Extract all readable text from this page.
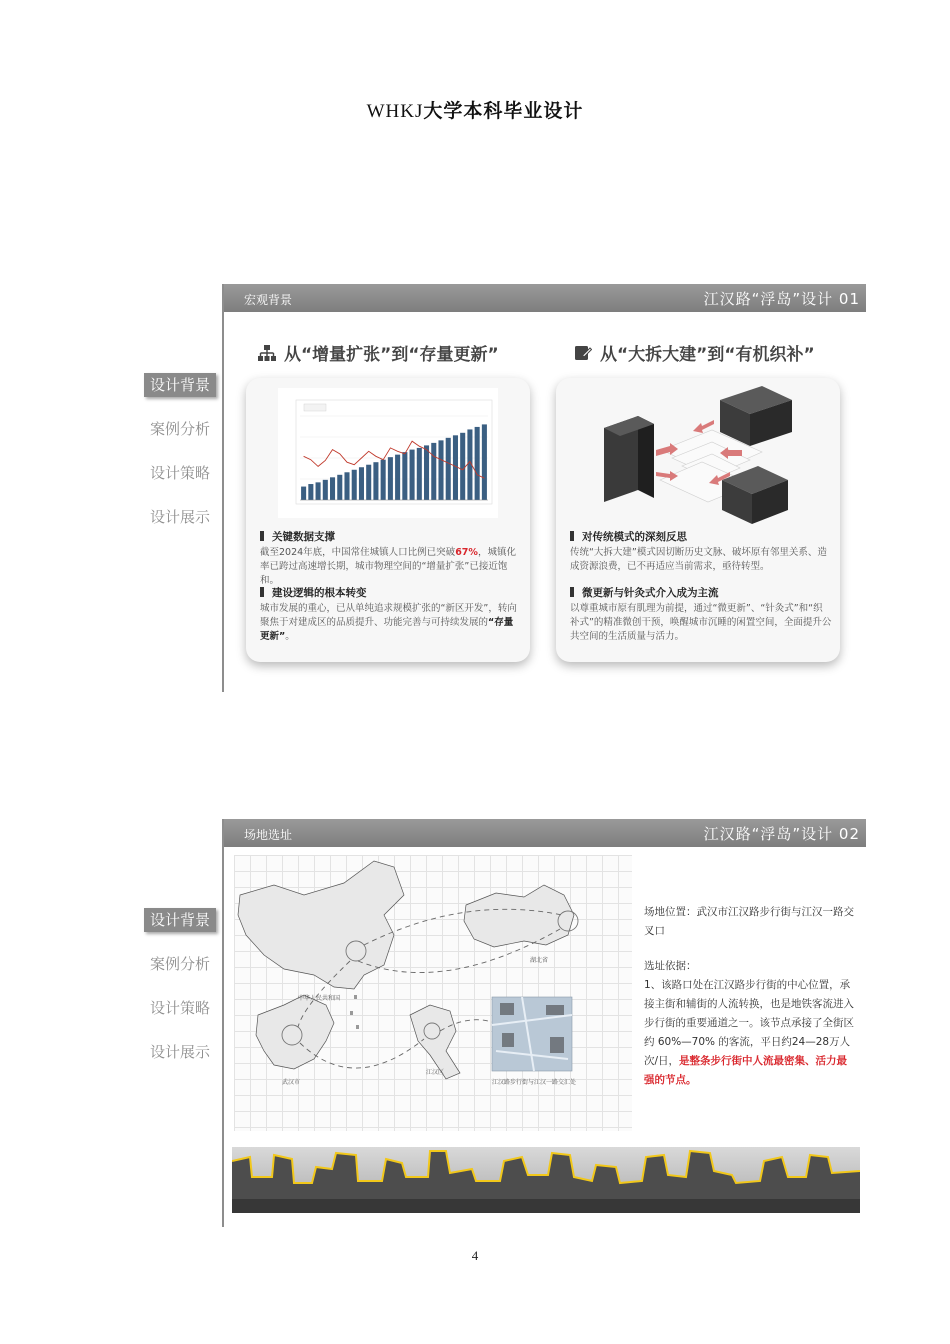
WHKJ大学本科毕业设计
设计背景
案例分析
设计策略
设计展示
宏观背景	江汉路“浮岛”设计 01
从“增量扩张”到“存量更新”	从“大拆大建”到“有机织补”
关键数据支撑
截至2024年底，中国常住城镇人口比例已突破67%，城镇化率已跨过高速增长期，城市物理空间的“增量扩张”已接近饱和。
建设逻辑的根本转变
城市发展的重心，已从单纯追求规模扩张的“新区开发”，转向聚焦于对建成区的品质提升、功能完善与可持续发展的“存量更新”。
对传统模式的深刻反思
传统“大拆大建”模式因切断历史文脉、破坏原有邻里关系、造成资源浪费，已不再适应当前需求，亟待转型。
微更新与针灸式介入成为主流
以尊重城市原有肌理为前提，通过“微更新”、“针灸式”和“织补式”的精准微创干预，唤醒城市沉睡的闲置空间，全面提升公共空间的生活质量与活力。
设计背景
案例分析
设计策略
设计展示
场地选址	江汉路“浮岛”设计 02
中华人民共和国
湖北省
武汉市
江汉区
江汉路步行街与江汉一路交汇处

场地位置：武汉市江汉路步行街与江汉一路交叉口

选址依据：

1、该路口处在江汉路步行街的中心位置，承接主街和辅街的人流转换，也是地铁客流进入步行街的重要通道之一。该节点承接了全街区约 60%—70% 的客流，平日约24—28万人次/日，是整条步行街中人流最密集、活力最强的节点。

4
